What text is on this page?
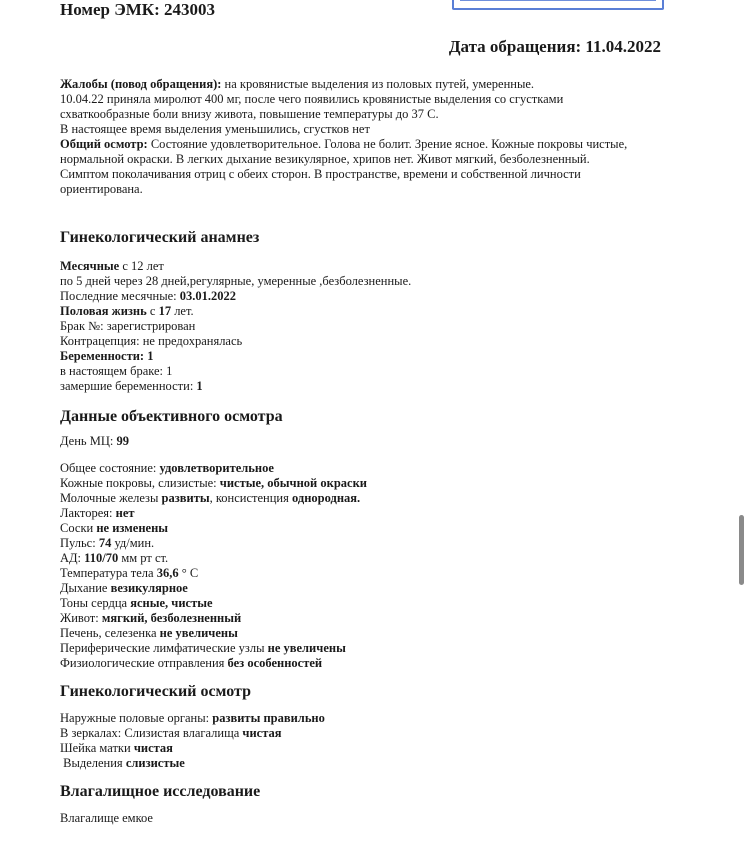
Номер ЭМК: 243003
Дата обращения: 11.04.2022
Жалобы (повод обращения): на кровянистые выделения из половых путей, умеренные.
10.04.22 приняла миролют 400 мг, после чего появились кровянистые выделения со сгустками
схваткообразные боли внизу живота, повышение температуры до 37 С.
В настоящее время выделения уменьшились, сгустков нет
Общий осмотр: Состояние удовлетворительное. Голова не болит. Зрение ясное. Кожные покровы чистые,
нормальной окраски. В легких дыхание везикулярное, хрипов нет. Живот мягкий, безболезненный.
Симптом поколачивания отриц с обеих сторон. В пространстве, времени и собственной личности
ориентирована.
Гинекологический анамнез
Месячные с 12 лет
по 5 дней через 28 дней,регулярные, умеренные ,безболезненные.
Последние месячные: 03.01.2022
Половая жизнь с 17 лет.
Брак №: зарегистрирован
Контрацепция: не предохранялась
Беременности: 1
в настоящем браке: 1
замершие беременности: 1
Данные объективного осмотра
День МЦ: 99
Общее состояние: удовлетворительное
Кожные покровы, слизистые: чистые, обычной окраски
Молочные железы развиты, консистенция однородная.
Лакторея: нет
Соски не изменены
Пульс: 74 уд/мин.
АД: 110/70 мм рт ст.
Температура тела 36,6 ° С
Дыхание везикулярное
Тоны сердца ясные, чистые
Живот: мягкий, безболезненный
Печень, селезенка не увеличены
Периферические лимфатические узлы не увеличены
Физиологические отправления без особенностей
Гинекологический осмотр
Наружные половые органы: развиты правильно
В зеркалах: Слизистая влагалища чистая
Шейка матки чистая
Выделения слизистые
Влагалищное исследование
Влагалище емкое
